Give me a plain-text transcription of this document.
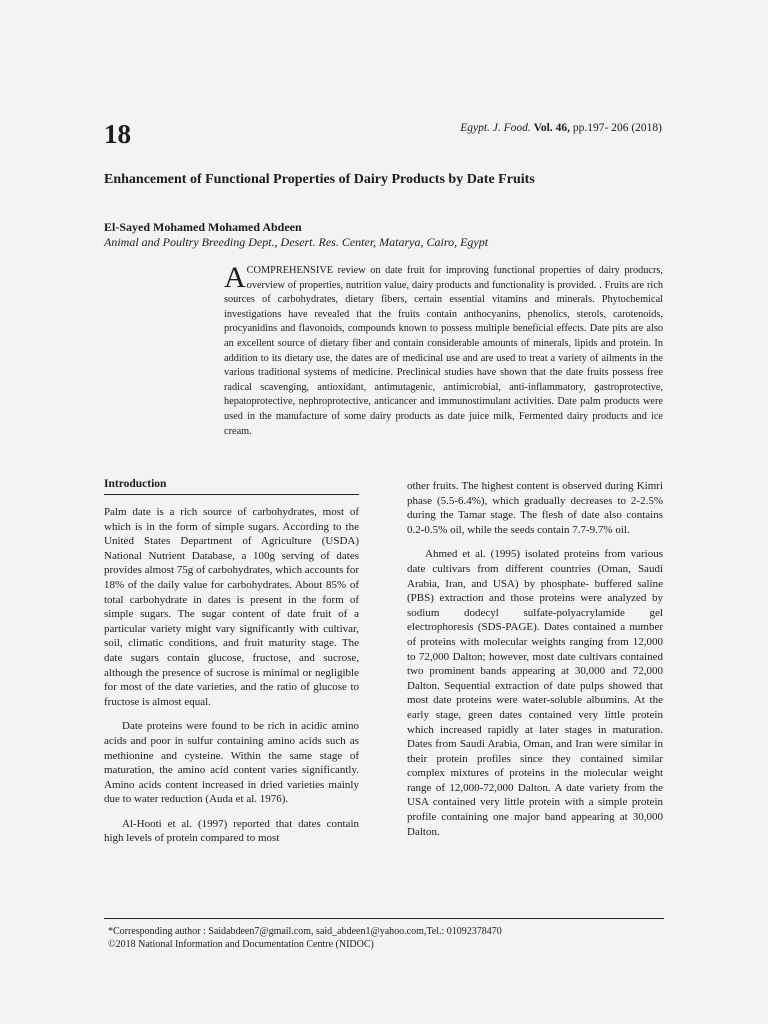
18	Egypt. J. Food. Vol. 46, pp.197- 206 (2018)
Enhancement of Functional Properties of Dairy Products by Date Fruits
El-Sayed Mohamed Mohamed Abdeen
Animal and Poultry Breeding Dept., Desert. Res. Center, Matarya, Cairo, Egypt
A COMPREHENSIVE review on date fruit for improving functional properties of dairy producrs, overview of properties, nutrition value, dairy products and functionality is provided. . Fruits are rich sources of carbohydrates, dietary fibers, certain essential vitamins and minerals. Phytochemical investigations have revealed that the fruits contain anthocyanins, phenolics, sterols, carotenoids, procyanidins and flavonoids, compounds known to possess multiple beneficial effects. Date pits are also an excellent source of dietary fiber and contain considerable amounts of minerals, lipids and protein. In addition to its dietary use, the dates are of medicinal use and are used to treat a variety of ailments in the various traditional systems of medicine. Preclinical studies have shown that the date fruits possess free radical scavenging, antioxidant, antimutagenic, antimicrobial, anti-inflammatory, gastroprotective, hepatoprotective, nephroprotective, anticancer and immunostimulant activities. Date palm products were used in the manufacture of some dairy products as date juice milk, Fermented dairy products and ice cream.
Introduction

Palm date is a rich source of carbohydrates, most of which is in the form of simple sugars. According to the United States Department of Agriculture (USDA) National Nutrient Database, a 100g serving of dates provides almost 75g of carbohydrates, which accounts for 18% of the daily value for carbohydrates. About 85% of total carbohydrate in dates is present in the form of simple sugars. The sugar content of date fruit of a particular variety might vary significantly with cultivar, soil, climatic conditions, and fruit maturity stage. The date sugars contain glucose, fructose, and sucrose, although the presence of sucrose is minimal or negligible for most of the date varieties, and the ratio of glucose to fructose is almost equal.

Date proteins were found to be rich in acidic amino acids and poor in sulfur containing amino acids such as methionine and cysteine. Within the same stage of maturation, the amino acid content varies significantly. Amino acids content increased in dried varieties mainly due to water reduction (Auda et al. 1976).

Al-Hooti et al. (1997) reported that dates contain high levels of protein compared to most

other fruits. The highest content is observed during Kimri phase (5.5-6.4%), which gradually decreases to 2-2.5% during the Tamar stage. The flesh of date also contains 0.2-0.5% oil, while the seeds contain 7.7-9.7% oil.

Ahmed et al. (1995) isolated proteins from various date cultivars from different countries (Oman, Saudi Arabia, Iran, and USA) by phosphate- buffered saline (PBS) extraction and those proteins were analyzed by sodium dodecyl sulfate-polyacrylamide gel electrophoresis (SDS-PAGE). Dates contained a number of proteins with molecular weights ranging from 12,000 to 72,000 Dalton; however, most date cultivars contained two prominent bands appearing at 30,000 and 72,000 Dalton. Sequential extraction of date pulps showed that most date proteins were water-soluble albumins. At the early stage, green dates contained very little protein which increased rapidly at later stages in maturation. Dates from Saudi Arabia, Oman, and Iran were similar in their protein profiles since they contained similar complex mixtures of proteins in the molecular weight range of 12,000-72,000 Dalton. A date variety from the USA contained very little protein with a simple protein profile containing one major band appearing at 30,000 Dalton.

*Corresponding author : Saidabdeen7@gmail.com, said_abdeen1@yahoo.com,Tel.: 01092378470
©2018 National Information and Documentation Centre (NIDOC)
